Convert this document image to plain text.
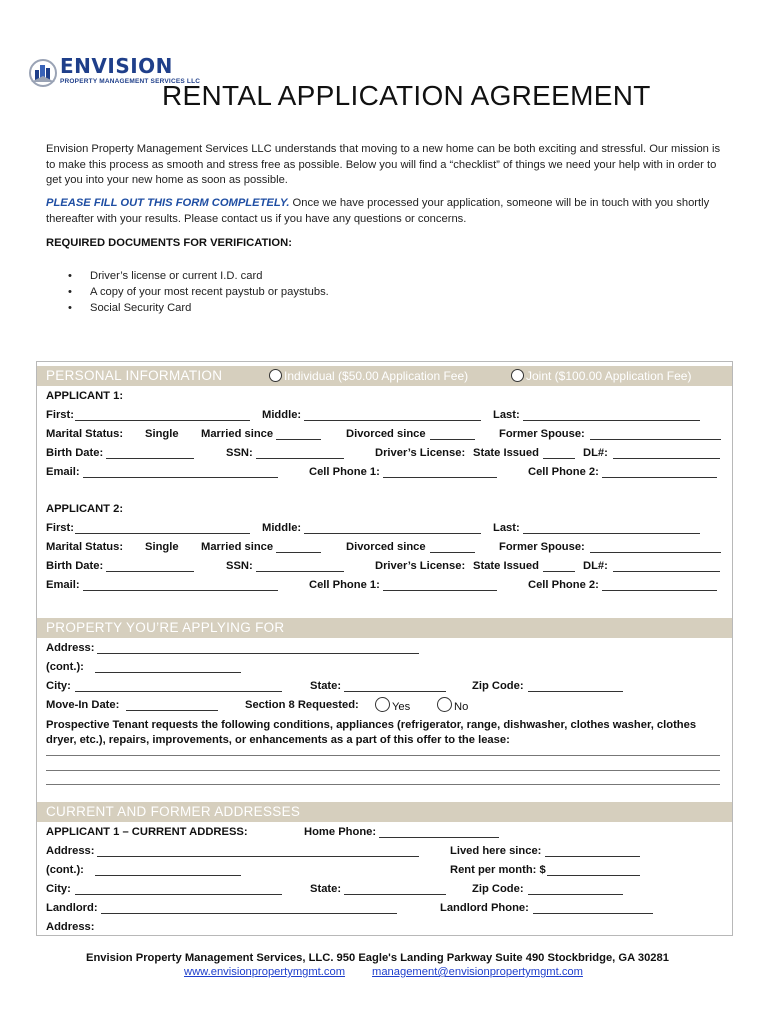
ENVISION
PROPERTY MANAGEMENT SERVICES LLC
RENTAL APPLICATION AGREEMENT
Envision Property Management Services LLC understands that moving to a new home can be both exciting and stressful. Our mission is to make this process as smooth and stress free as possible. Below you will find a “checklist” of things we need your help with in order to get you into your new home as soon as possible.
PLEASE FILL OUT THIS FORM COMPLETELY. Once we have processed your application, someone will be in touch with you shortly thereafter with your results. Please contact us if you have any questions or concerns.
REQUIRED DOCUMENTS FOR VERIFICATION:
• Driver’s license or current I.D. card
• A copy of your most recent paystub or paystubs.
• Social Security Card
PERSONAL INFORMATION	Individual ($50.00 Application Fee)	Joint ($100.00 Application Fee)
APPLICANT 1:
First:	Middle:	Last:
Marital Status: Single Married since	Divorced since	Former Spouse:
Birth Date:	SSN:	Driver’s License: State Issued	DL#:
Email:	Cell Phone 1:	Cell Phone 2:
APPLICANT 2:
First:	Middle:	Last:
Marital Status: Single Married since	Divorced since	Former Spouse:
Birth Date:	SSN:	Driver’s License: State Issued	DL#:
Email:	Cell Phone 1:	Cell Phone 2:
PROPERTY YOU’RE APPLYING FOR
Address:
(cont.):
City:	State:	Zip Code:
Move-In Date:	Section 8 Requested:	Yes	No
Prospective Tenant requests the following conditions, appliances (refrigerator, range, dishwasher, clothes washer, clothes dryer, etc.), repairs, improvements, or enhancements as a part of this offer to the lease:
CURRENT AND FORMER ADDRESSES
APPLICANT 1 – CURRENT ADDRESS:	Home Phone:
Address:	Lived here since:
(cont.):	Rent per month: $
City:	State:	Zip Code:
Landlord:	Landlord Phone:
Address:
Envision Property Management Services, LLC. 950 Eagle's Landing Parkway Suite 490 Stockbridge, GA 30281
www.envisionpropertymgmt.com management@envisionpropertymgmt.com
